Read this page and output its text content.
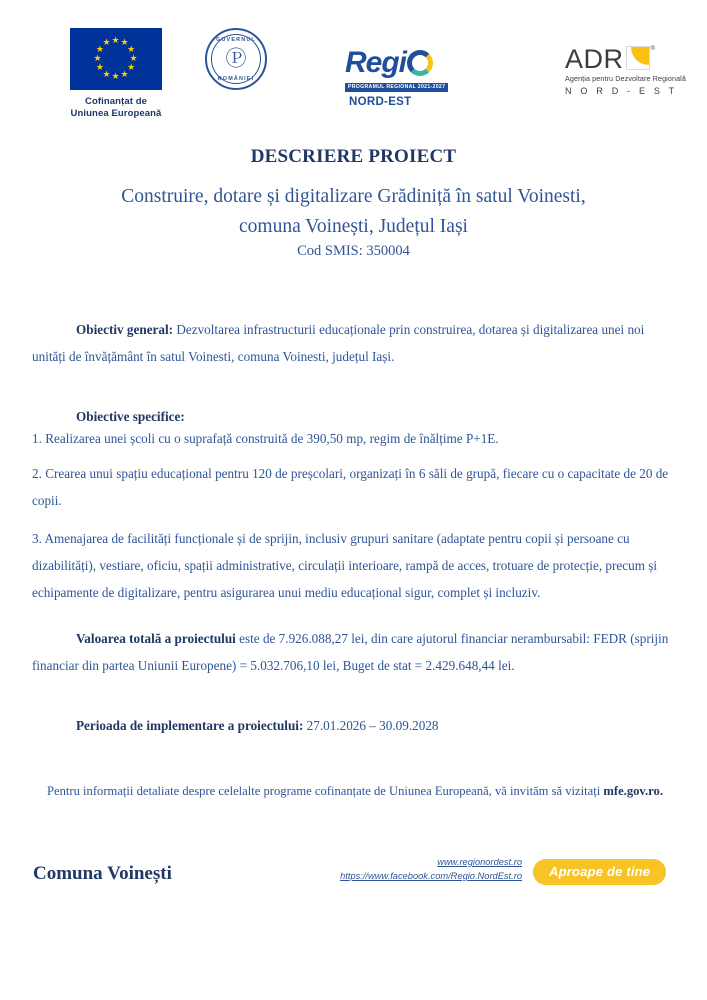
Cofinanțat de
Uniunea Europeană
GUVERNUL
Ⓟ
ROMÂNIEI	Regi
PROGRAMUL REGIONAL $2021-2027^{NORD-EST}$
ADR	®
Agenția pentru Dezvoltare Regională
N O R D - E S T
DESCRIERE PROIECT
Construire, dotare și digitalizare Grădiniță în satul Voinesti,
comuna Voinești, Județul Iași
Cod SMIS: 350004

Obiectiv general: Dezvoltarea infrastructurii educaționale prin construirea, dotarea și digitalizarea unei noi unități de învățământ în satul Voinesti, comuna Voinesti, județul Iași.

Obiective specifice:

1. Realizarea unei școli cu o suprafață construită de 390,50 mp, regim de înălțime P+1E.

2. Crearea unui spațiu educațional pentru 120 de preșcolari, organizați în 6 săli de grupă, fiecare cu o capacitate de 20 de copii.

3. Amenajarea de facilități funcționale și de sprijin, inclusiv grupuri sanitare (adaptate pentru copii și persoane cu dizabilități), vestiare, oficiu, spații administrative, circulații interioare, rampă de acces, trotuare de protecție, precum și echipamente de digitalizare, pentru asigurarea unui mediu educațional sigur, complet și incluziv.

Valoarea totală a proiectului este de 7.926.088,27 lei, din care ajutorul financiar nerambursabil: FEDR (sprijin financiar din partea Uniunii Europene) = 5.032.706,10 lei, Buget de stat = 2.429.648,44 lei.

Perioada de implementare a proiectului: 27.01.2026 – 30.09.2028

Pentru informații detaliate despre celelalte programe cofinanțate de Uniunea Europeană, vă invităm să vizitați mfe.gov.ro.

Comuna Voinești
www.regionordest.ro
https://www.facebook.com/Regio.NordEst.ro	Aproape de tine
